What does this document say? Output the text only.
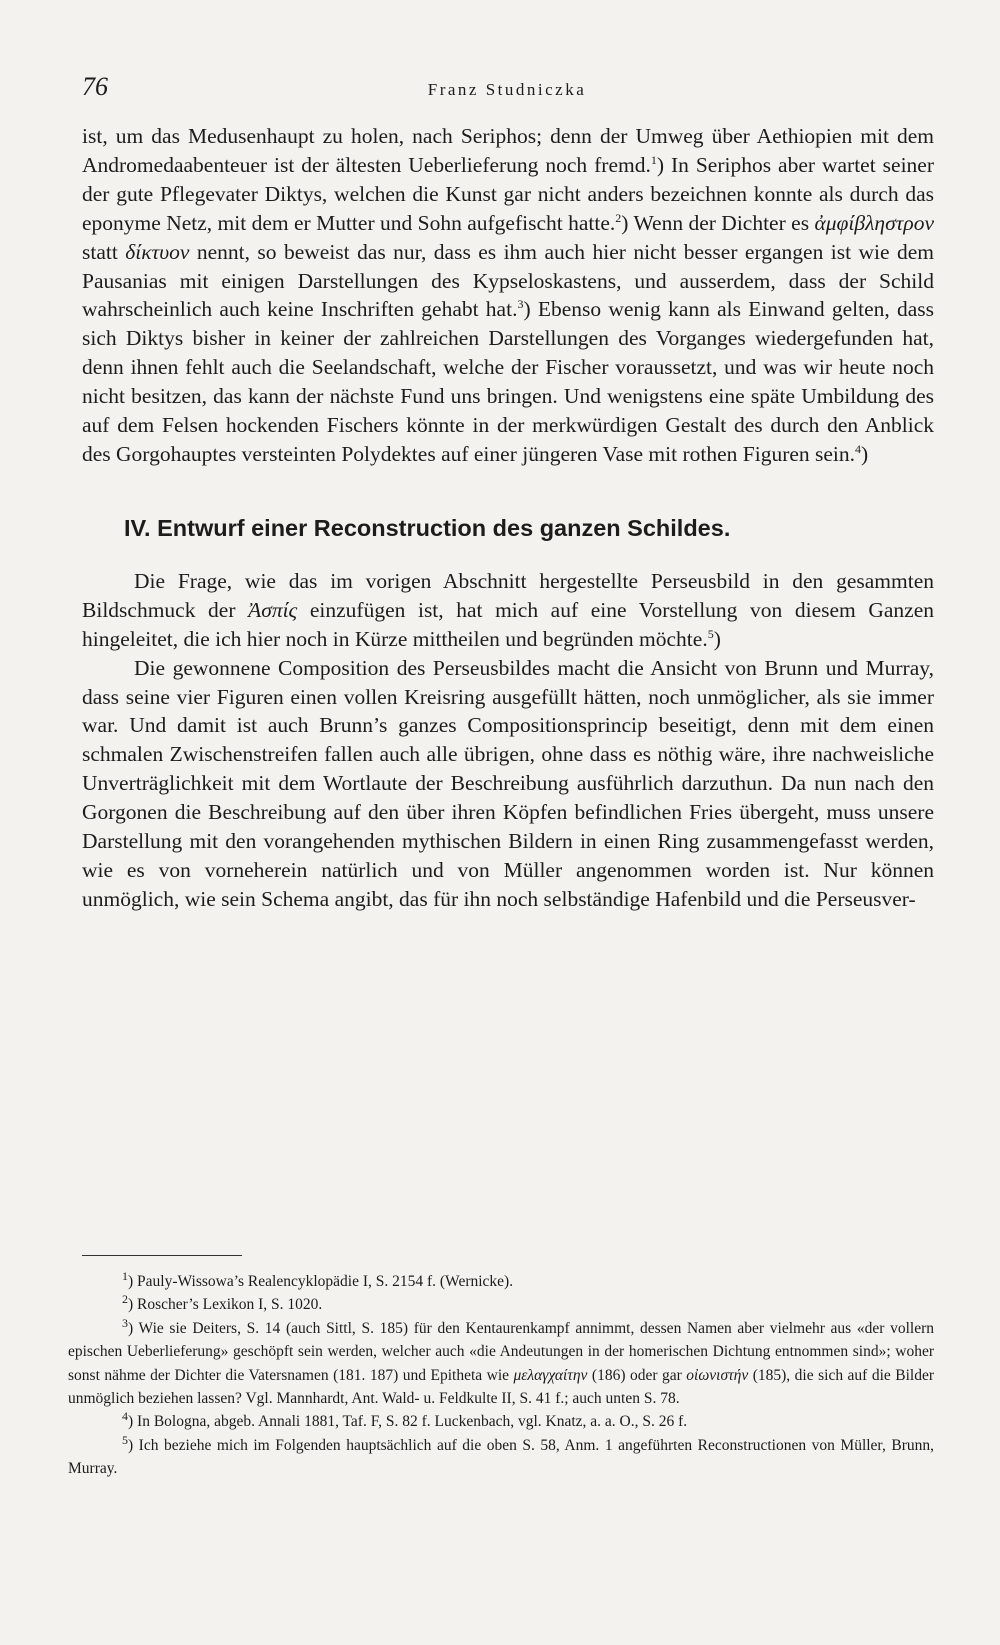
76	Franz Studniczka

ist, um das Medusenhaupt zu holen, nach Seriphos; denn der Umweg über Aethiopien mit dem Andromedaabenteuer ist der ältesten Ueberlieferung noch fremd.$^1$) In Seriphos aber wartet seiner der gute Pflegevater Diktys, welchen die Kunst gar nicht anders bezeichnen konnte als durch das eponyme Netz, mit dem er Mutter und Sohn aufgefischt hatte.$^2$) Wenn der Dichter es ἀμφίβληστρον statt δίκτυον nennt, so beweist das nur, dass es ihm auch hier nicht besser ergangen ist wie dem Pausanias mit einigen Darstellungen des Kypseloskastens, und ausserdem, dass der Schild wahrscheinlich auch keine Inschriften gehabt hat.$^3$) Ebenso wenig kann als Einwand gelten, dass sich Diktys bisher in keiner der zahlreichen Darstellungen des Vorganges wiedergefunden hat, denn ihnen fehlt auch die Seelandschaft, welche der Fischer voraussetzt, und was wir heute noch nicht besitzen, das kann der nächste Fund uns bringen. Und wenigstens eine späte Umbildung des auf dem Felsen hockenden Fischers könnte in der merkwürdigen Gestalt des durch den Anblick des Gorgohauptes versteinten Polydektes auf einer jüngeren Vase mit rothen Figuren sein.$^4$)

IV. Entwurf einer Reconstruction des ganzen Schildes.

Die Frage, wie das im vorigen Abschnitt hergestellte Perseusbild in den gesammten Bildschmuck der Ἀσπίς einzufügen ist, hat mich auf eine Vorstellung von diesem Ganzen hingeleitet, die ich hier noch in Kürze mittheilen und begründen möchte.$^5$)

Die gewonnene Composition des Perseusbildes macht die Ansicht von Brunn und Murray, dass seine vier Figuren einen vollen Kreisring ausgefüllt hätten, noch unmöglicher, als sie immer war. Und damit ist auch Brunn’s ganzes Compositionsprincip beseitigt, denn mit dem einen schmalen Zwischenstreifen fallen auch alle übrigen, ohne dass es nöthig wäre, ihre nachweisliche Unverträglichkeit mit dem Wortlaute der Beschreibung ausführlich darzuthun. Da nun nach den Gorgonen die Beschreibung auf den über ihren Köpfen befindlichen Fries übergeht, muss unsere Darstellung mit den vorangehenden mythischen Bildern in einen Ring zusammengefasst werden, wie es von vorneherein natürlich und von Müller angenommen worden ist. Nur können unmöglich, wie sein Schema angibt, das für ihn noch selbständige Hafenbild und die Perseusver-

$^1$) Pauly-Wissowa’s Realencyklopädie I, S. 2154 f. (Wernicke).

$^2$) Roscher’s Lexikon I, S. 1020.

$^3$) Wie sie Deiters, S. 14 (auch Sittl, S. 185) für den Kentaurenkampf annimmt, dessen Namen aber vielmehr aus «der vollern epischen Ueberlieferung» geschöpft sein werden, welcher auch «die Andeutungen in der homerischen Dichtung entnommen sind»; woher sonst nähme der Dichter die Vatersnamen (181. 187) und Epitheta wie μελαγχαίτην (186) oder gar οἰωνιστήν (185), die sich auf die Bilder unmöglich beziehen lassen? Vgl. Mannhardt, Ant. Wald- u. Feldkulte II, S. 41 f.; auch unten S. 78.

$^4$) In Bologna, abgeb. Annali 1881, Taf. F, S. 82 f. Luckenbach, vgl. Knatz, a. a. O., S. 26 f.

$^5$) Ich beziehe mich im Folgenden hauptsächlich auf die oben S. 58, Anm. 1 angeführten Reconstructionen von Müller, Brunn, Murray.
